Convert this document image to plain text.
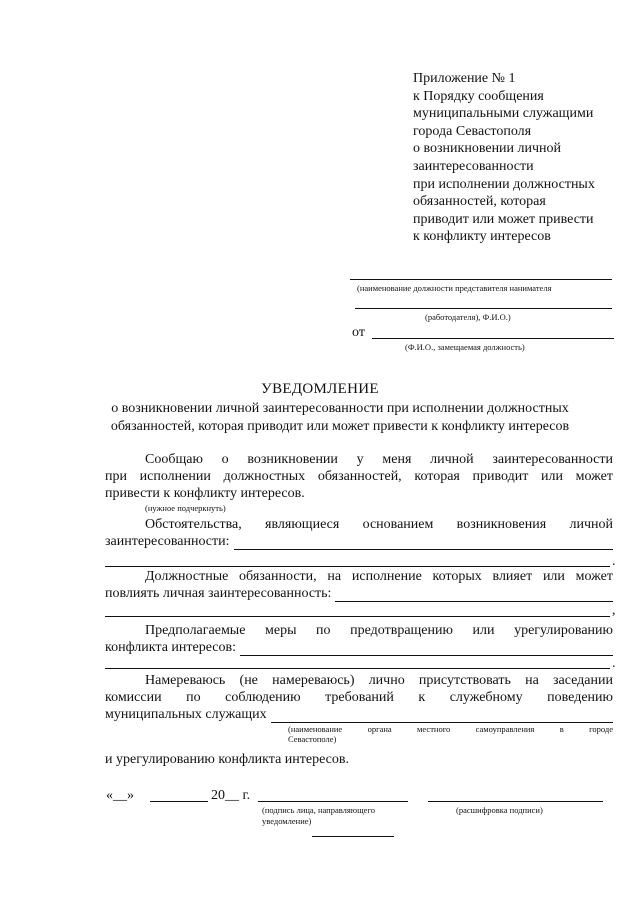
Приложение № 1
к Порядку сообщения
муниципальными служащими
города Севастополя
о возникновении личной
заинтересованности
при исполнении должностных
обязанностей, которая
приводит или может привести
к конфликту интересов
(наименование должности представителя нанимателя
(работодателя), Ф.И.О.)
от
(Ф.И.О., замещаемая должность)
УВЕДОМЛЕНИЕ
о возникновении личной заинтересованности при исполнении должностных
обязанностей, которая приводит или может привести к конфликту интересов
Сообщаю о возникновении у меня личной заинтересованности
при исполнении должностных обязанностей, которая приводит или может
привести к конфликту интересов.
(нужное подчеркнуть)
Обстоятельства, являющиеся основанием возникновения личной
заинтересованности:
.
Должностные обязанности, на исполнение которых влияет или может
повлиять личная заинтересованность:
,
Предполагаемые меры по предотвращению или урегулированию
конфликта интересов:
.
Намереваюсь (не намереваюсь) лично присутствовать на заседании
комиссии по соблюдению требований к служебному поведению
муниципальных служащих
(наименование органа местного самоуправления в городе
Севастополе)
и урегулированию конфликта интересов.
«__»	20__ г.
(подпись лица, направляющего
уведомление)
(расшифровка подписи)
